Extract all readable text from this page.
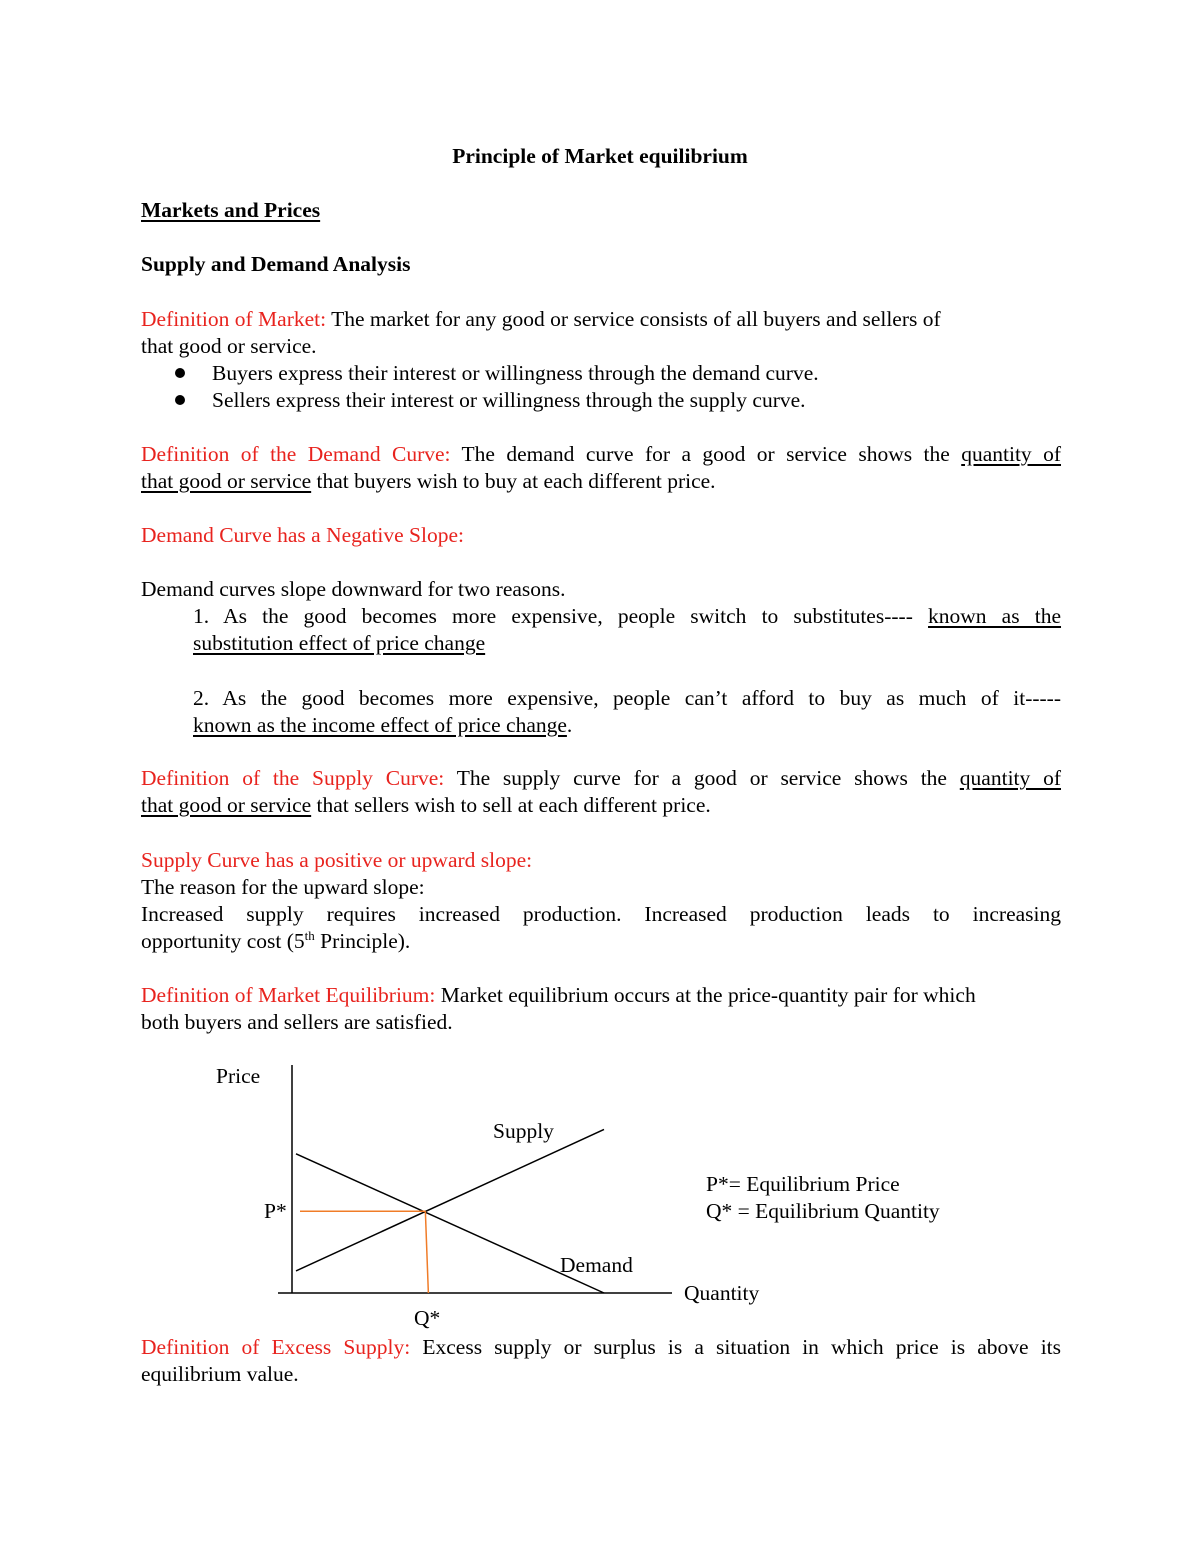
Principle of Market equilibrium
Markets and Prices
Supply and Demand Analysis
Definition of Market: The market for any good or service consists of all buyers and sellers of
that good or service.
Buyers express their interest or willingness through the demand curve.
Sellers express their interest or willingness through the supply curve.
Definition of the Demand Curve: The demand curve for a good or service shows the quantity of
that good or service that buyers wish to buy at each different price.
Demand Curve has a Negative Slope:
Demand curves slope downward for two reasons.
1. As the good becomes more expensive, people switch to substitutes---- known as the
substitution effect of price change
2. As the good becomes more expensive, people can’t afford to buy as much of it-----
known as the income effect of price change.
Definition of the Supply Curve: The supply curve for a good or service shows the quantity of
that good or service that sellers wish to sell at each different price.
Supply Curve has a positive or upward slope:
The reason for the upward slope:
Increased supply requires increased production. Increased production leads to increasing
opportunity cost (5th Principle).
Definition of Market Equilibrium: Market equilibrium occurs at the price-quantity pair for which
both buyers and sellers are satisfied.
Price
Quantity
Supply
Demand
P*
Q*
P*= Equilibrium Price
Q* = Equilibrium Quantity
Definition of Excess Supply: Excess supply or surplus is a situation in which price is above its
equilibrium value.
